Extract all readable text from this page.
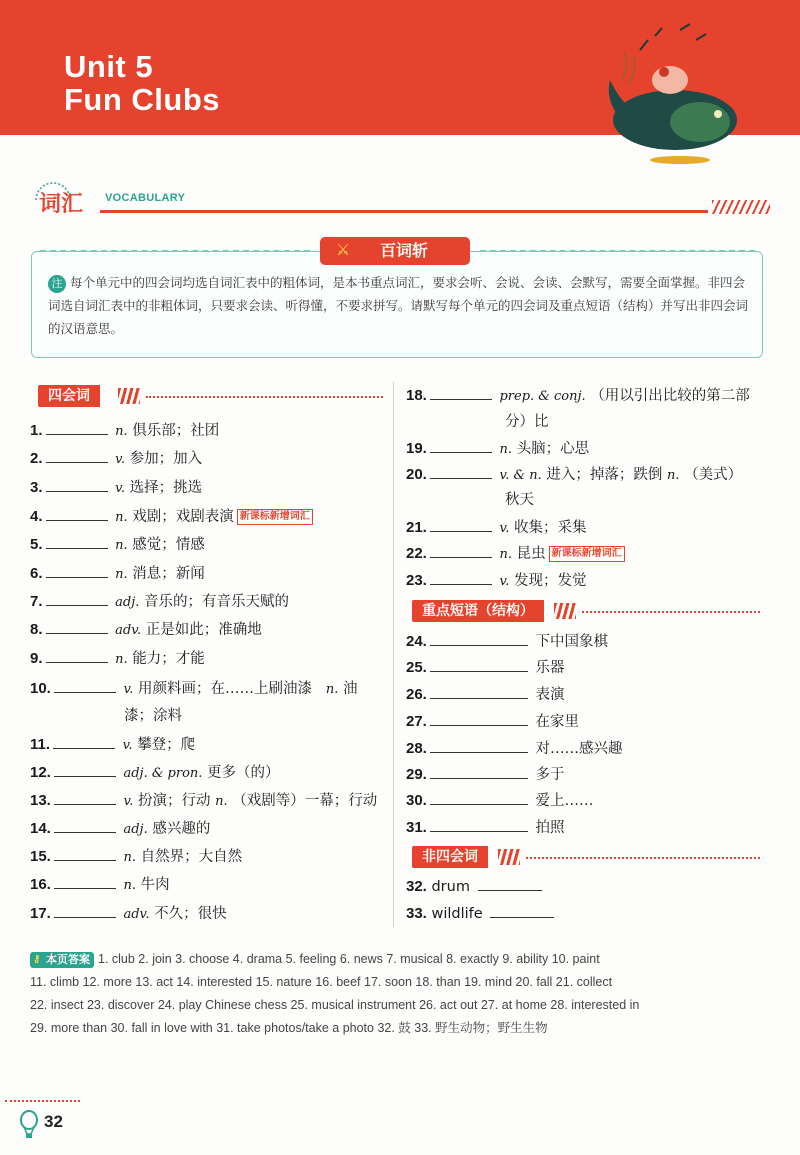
Unit 5
Fun Clubs
词汇 VOCABULARY
⚔ 百词斩
注 每个单元中的四会词均选自词汇表中的粗体词，是本书重点词汇，要求会听、会说、会读、会默写，需要全面掌握。非四会词选自词汇表中的非粗体词，只要求会读、听得懂，不要求拼写。请默写每个单元的四会词及重点短语（结构）并写出非四会词的汉语意思。
四会词
1.	n. 俱乐部；社团
2.	v. 参加；加入
3.	v. 选择；挑选
4.	n. 戏剧；戏剧表演 新课标新增词汇
5.	n. 感觉；情感
6.	n. 消息；新闻
7.	adj. 音乐的；有音乐天赋的
8.	adv. 正是如此；准确地
9.	n. 能力；才能
10.	v. 用颜料画；在……上刷油漆 n. 油
漆；涂料
11.	v. 攀登；爬
12.	adj. & pron. 更多（的）
13.	v. 扮演；行动 n. （戏剧等）一幕；行动
14.	adj. 感兴趣的
15.	n. 自然界；大自然
16.	n. 牛肉
17.	adv. 不久；很快
18.	prep. & conj. （用以引出比较的第二部
分）比
19.	n. 头脑；心思
20.	v. & n. 进入；掉落；跌倒 n. （美式）
秋天
21.	v. 收集；采集
22.	n. 昆虫 新课标新增词汇
23.	v. 发现；发觉
重点短语（结构）
24.	下中国象棋
25.	乐器
26.	表演
27.	在家里
28.	对……感兴趣
29.	多于
30.	爱上……
31.	拍照
非四会词
32. drum
33. wildlife
⚷ 本页答案 1. club 2. join 3. choose 4. drama 5. feeling 6. news 7. musical 8. exactly 9. ability 10. paint
11. climb 12. more 13. act 14. interested 15. nature 16. beef 17. soon 18. than 19. mind 20. fall 21. collect
22. insect 23. discover 24. play Chinese chess 25. musical instrument 26. act out 27. at home 28. interested in
29. more than 30. fall in love with 31. take photos/take a photo 32. 鼓 33. 野生动物；野生生物
32
